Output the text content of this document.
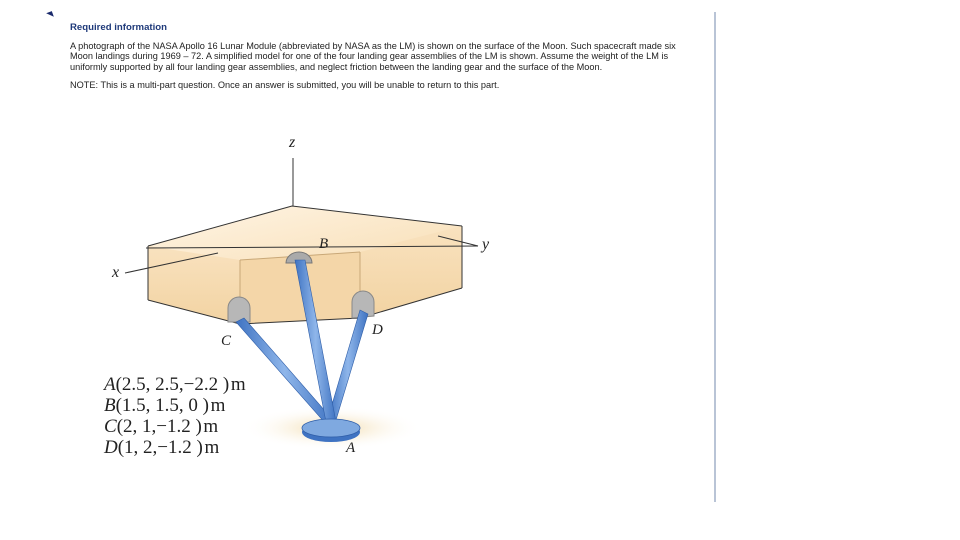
Required information

A photograph of the NASA Apollo 16 Lunar Module (abbreviated by NASA as the LM) is shown on the surface of the Moon. Such spacecraft made six Moon landings during 1969 – 72. A simplified model for one of the four landing gear assemblies of the LM is shown. Assume the weight of the LM is uniformly supported by all four landing gear assemblies, and neglect friction between the landing gear and the surface of the Moon.

NOTE: This is a multi-part question. Once an answer is submitted, you will be unable to return to this part.

z
y
x
B
C
D
A
A(2.5, 2.5,−2.2 ) m
B(1.5, 1.5, 0 ) m
C(2, 1,−1.2 ) m
D(1, 2,−1.2 ) m
